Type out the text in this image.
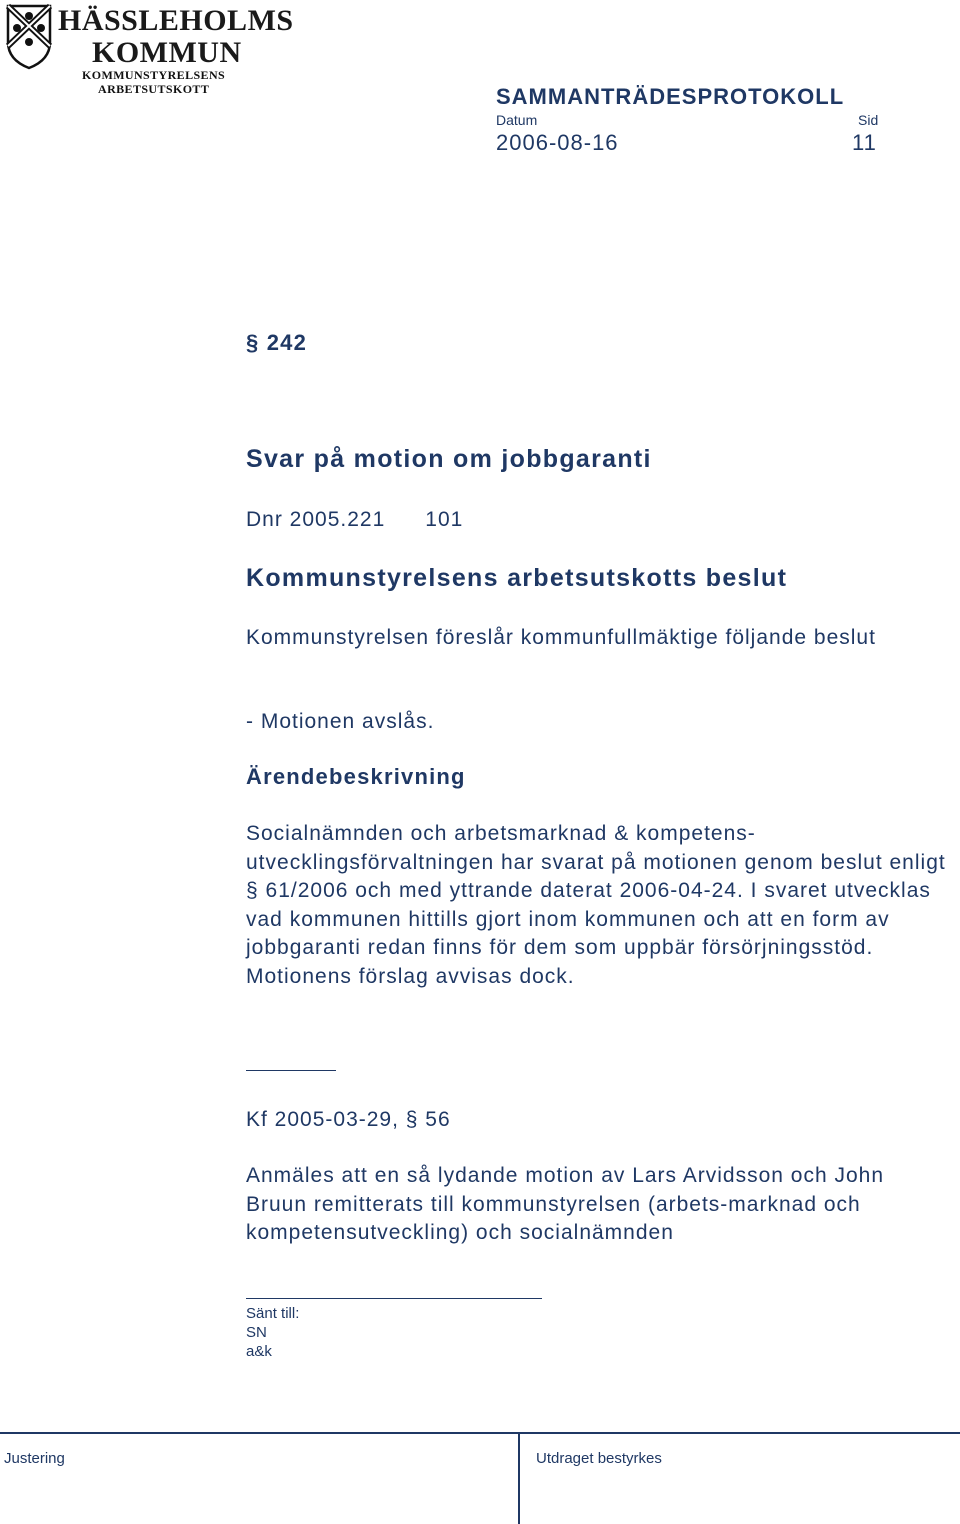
HÄSSLEHOLMS
KOMMUN
KOMMUNSTYRELSENS
ARBETSUTSKOTT	SAMMANTRÄDESPROTOKOLL
Datum	Sid
2006-08-16	11
§ 242
Svar på motion om jobbgaranti
Dnr 2005.221 101
Kommunstyrelsens arbetsutskotts beslut
Kommunstyrelsen föreslår kommunfullmäktige följande beslut
- Motionen avslås.
Ärendebeskrivning
Socialnämnden och arbetsmarknad & kompetens-utvecklingsförvaltningen har svarat på motionen genom beslut enligt § 61/2006 och med yttrande daterat 2006-04-24. I svaret utvecklas vad kommunen hittills gjort inom kommunen och att en form av jobbgaranti redan finns för dem som uppbär försörjningsstöd. Motionens förslag avvisas dock.
Kf 2005-03-29, § 56
Anmäles att en så lydande motion av Lars Arvidsson och John Bruun remitterats till kommunstyrelsen (arbets-marknad och kompetensutveckling) och socialnämnden
Sänt till:
SN
a&k
Justering	Utdraget bestyrkes
